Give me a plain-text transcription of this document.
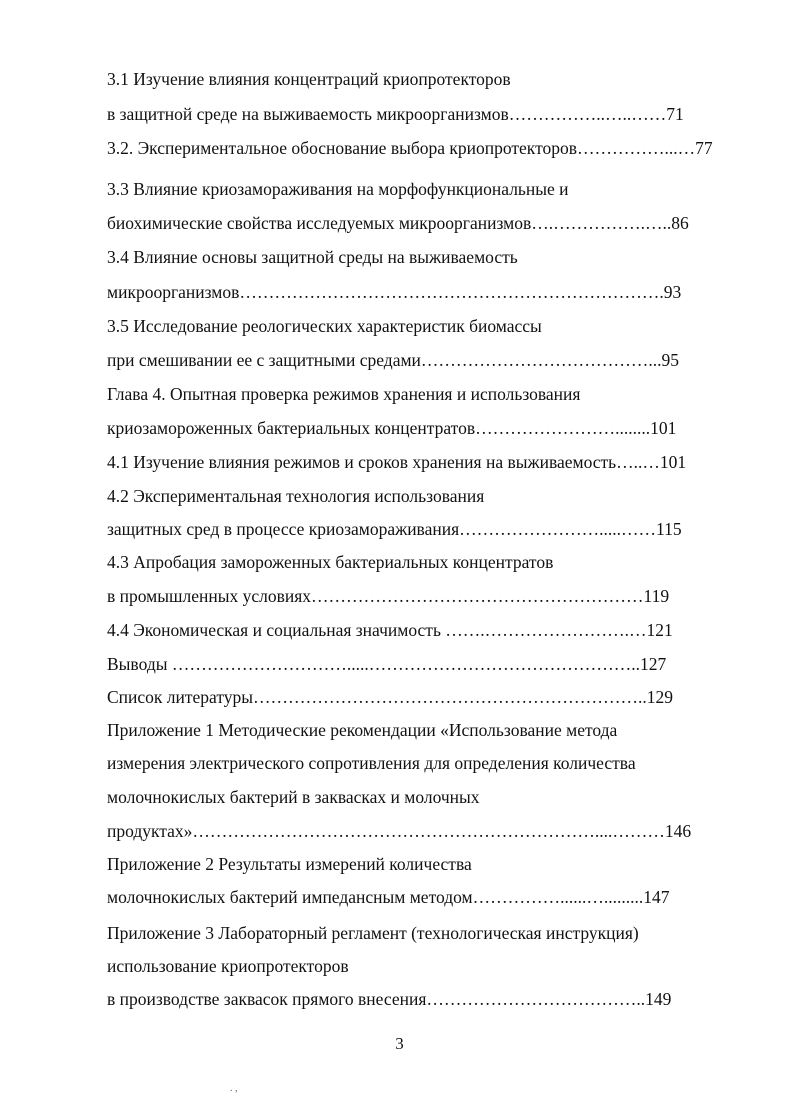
3.1 Изучение влияния концентраций криопротекторов
в защитной среде на выживаемость микроорганизмов……………..…..……71
3.2. Экспериментальное обоснование выбора криопротекторов……………...…77
3.3 Влияние криозамораживания на морфофункциональные и
биохимические свойства исследуемых микроорганизмов….…………….…..86
3.4 Влияние основы защитной среды на выживаемость
микроорганизмов……………………………………………………………….93
3.5 Исследование реологических характеристик биомассы
при смешивании ее с защитными средами…………………………………...95
Глава 4. Опытная проверка режимов хранения и использования
криозамороженных бактериальных концентратов……………………........101
4.1 Изучение влияния режимов и сроков хранения на выживаемость…..…101
4.2 Экспериментальная технология использования
защитных сред в процессе криозамораживания…………………….....……115
4.3 Апробация замороженных бактериальных концентратов
в промышленных условиях…………………………………………………119
4.4 Экономическая и социальная значимость …….…………………….…121
Выводы ………………………….....………………………………………..127
Список литературы…………………………………………………………..129
Приложение 1 Методические рекомендации «Использование метода
измерения электрического сопротивления для определения количества
молочнокислых бактерий в заквасках и молочных
продуктах»……………………………………………………………....………146
Приложение 2 Результаты измерений количества
молочнокислых бактерий импедансным методом……………......….........147
Приложение 3 Лабораторный регламент (технологическая инструкция)
использование криопротекторов
в производстве заквасок прямого внесения………………………………..149
3
. ,
